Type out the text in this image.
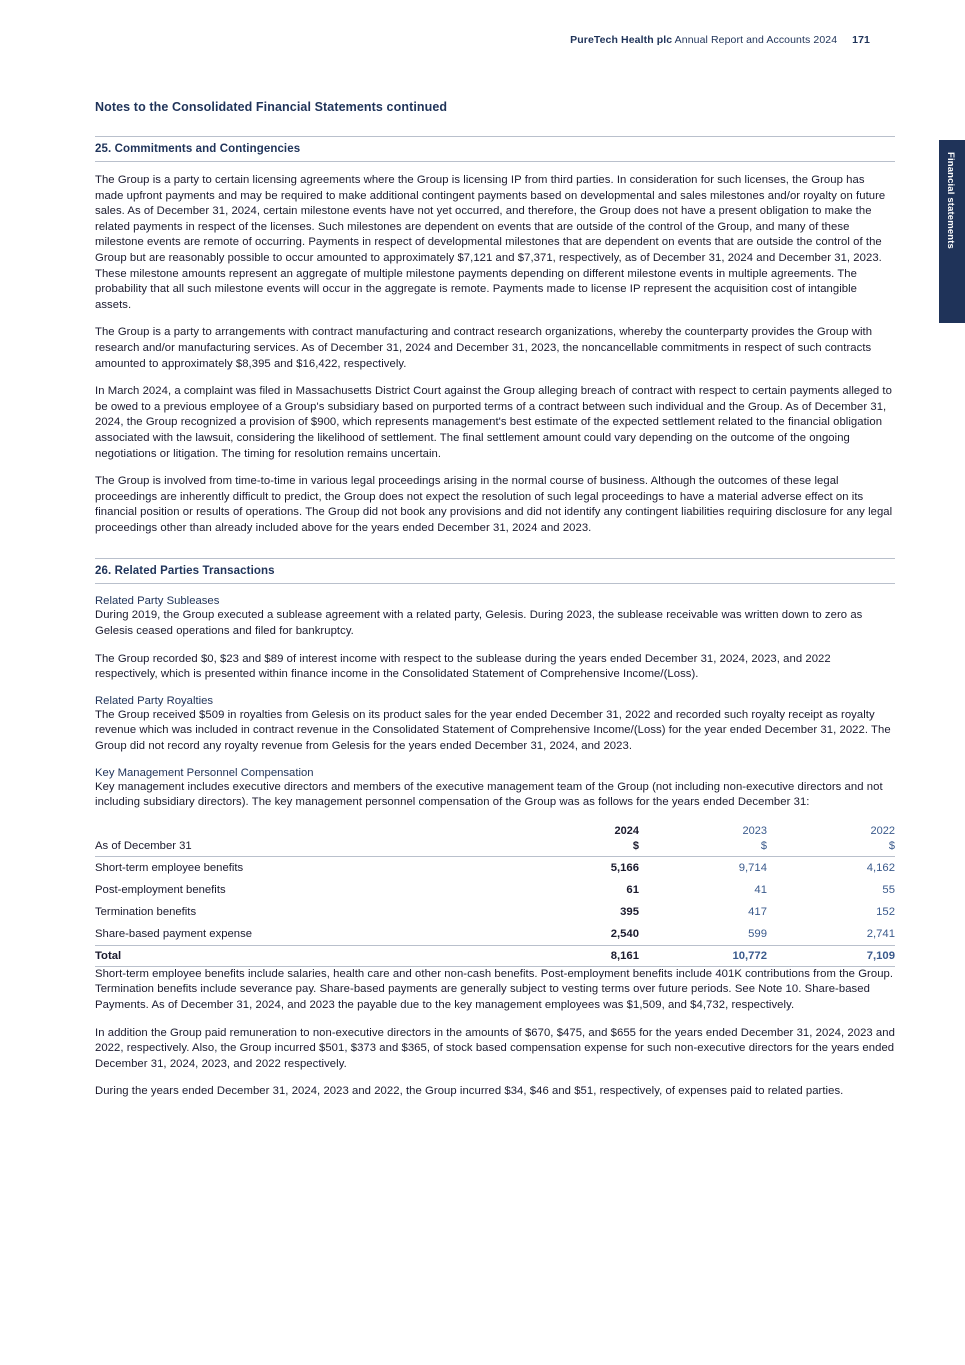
PureTech Health plc Annual Report and Accounts 2024 171
Financial statements
Notes to the Consolidated Financial Statements continued
25. Commitments and Contingencies

The Group is a party to certain licensing agreements where the Group is licensing IP from third parties. In consideration for such licenses, the Group has made upfront payments and may be required to make additional contingent payments based on developmental and sales milestones and/or royalty on future sales. As of December 31, 2024, certain milestone events have not yet occurred, and therefore, the Group does not have a present obligation to make the related payments in respect of the licenses. Such milestones are dependent on events that are outside of the control of the Group, and many of these milestone events are remote of occurring. Payments in respect of developmental milestones that are dependent on events that are outside the control of the Group but are reasonably possible to occur amounted to approximately $7,121 and $7,371, respectively, as of December 31, 2024 and December 31, 2023. These milestone amounts represent an aggregate of multiple milestone payments depending on different milestone events in multiple agreements. The probability that all such milestone events will occur in the aggregate is remote. Payments made to license IP represent the acquisition cost of intangible assets.

The Group is a party to arrangements with contract manufacturing and contract research organizations, whereby the counterparty provides the Group with research and/or manufacturing services. As of December 31, 2024 and December 31, 2023, the noncancellable commitments in respect of such contracts amounted to approximately $8,395 and $16,422, respectively.

In March 2024, a complaint was filed in Massachusetts District Court against the Group alleging breach of contract with respect to certain payments alleged to be owed to a previous employee of a Group's subsidiary based on purported terms of a contract between such individual and the Group. As of December 31, 2024, the Group recognized a provision of $900, which represents management's best estimate of the expected settlement related to the financial obligation associated with the lawsuit, considering the likelihood of settlement. The final settlement amount could vary depending on the outcome of the ongoing negotiations or litigation. The timing for resolution remains uncertain.

The Group is involved from time-to-time in various legal proceedings arising in the normal course of business. Although the outcomes of these legal proceedings are inherently difficult to predict, the Group does not expect the resolution of such legal proceedings to have a material adverse effect on its financial position or results of operations. The Group did not book any provisions and did not identify any contingent liabilities requiring disclosure for any legal proceedings other than already included above for the years ended December 31, 2024 and 2023.

26. Related Parties Transactions
Related Party Subleases

During 2019, the Group executed a sublease agreement with a related party, Gelesis. During 2023, the sublease receivable was written down to zero as Gelesis ceased operations and filed for bankruptcy.

The Group recorded $0, $23 and $89 of interest income with respect to the sublease during the years ended December 31, 2024, 2023, and 2022 respectively, which is presented within finance income in the Consolidated Statement of Comprehensive Income/(Loss).

Related Party Royalties

The Group received $509 in royalties from Gelesis on its product sales for the year ended December 31, 2022 and recorded such royalty receipt as royalty revenue which was included in contract revenue in the Consolidated Statement of Comprehensive Income/(Loss) for the year ended December 31, 2022. The Group did not record any royalty revenue from Gelesis for the years ended December 31, 2024, and 2023.

Key Management Personnel Compensation

Key management includes executive directors and members of the executive management team of the Group (not including non-executive directors and not including subsidiary directors). The key management personnel compensation of the Group was as follows for the years ended December 31:

	2024	2023	2022
As of December 31	$	$	$
Short-term employee benefits	5,166	9,714	4,162
Post-employment benefits	61	41	55
Termination benefits	395	417	152
Share-based payment expense	2,540	599	2,741
Total	8,161	10,772	7,109

Short-term employee benefits include salaries, health care and other non-cash benefits. Post-employment benefits include 401K contributions from the Group. Termination benefits include severance pay. Share-based payments are generally subject to vesting terms over future periods. See Note 10. Share-based Payments. As of December 31, 2024, and 2023 the payable due to the key management employees was $1,509, and $4,732, respectively.

In addition the Group paid remuneration to non-executive directors in the amounts of $670, $475, and $655 for the years ended December 31, 2024, 2023 and 2022, respectively. Also, the Group incurred $501, $373 and $365, of stock based compensation expense for such non-executive directors for the years ended December 31, 2024, 2023, and 2022 respectively.

During the years ended December 31, 2024, 2023 and 2022, the Group incurred $34, $46 and $51, respectively, of expenses paid to related parties.
